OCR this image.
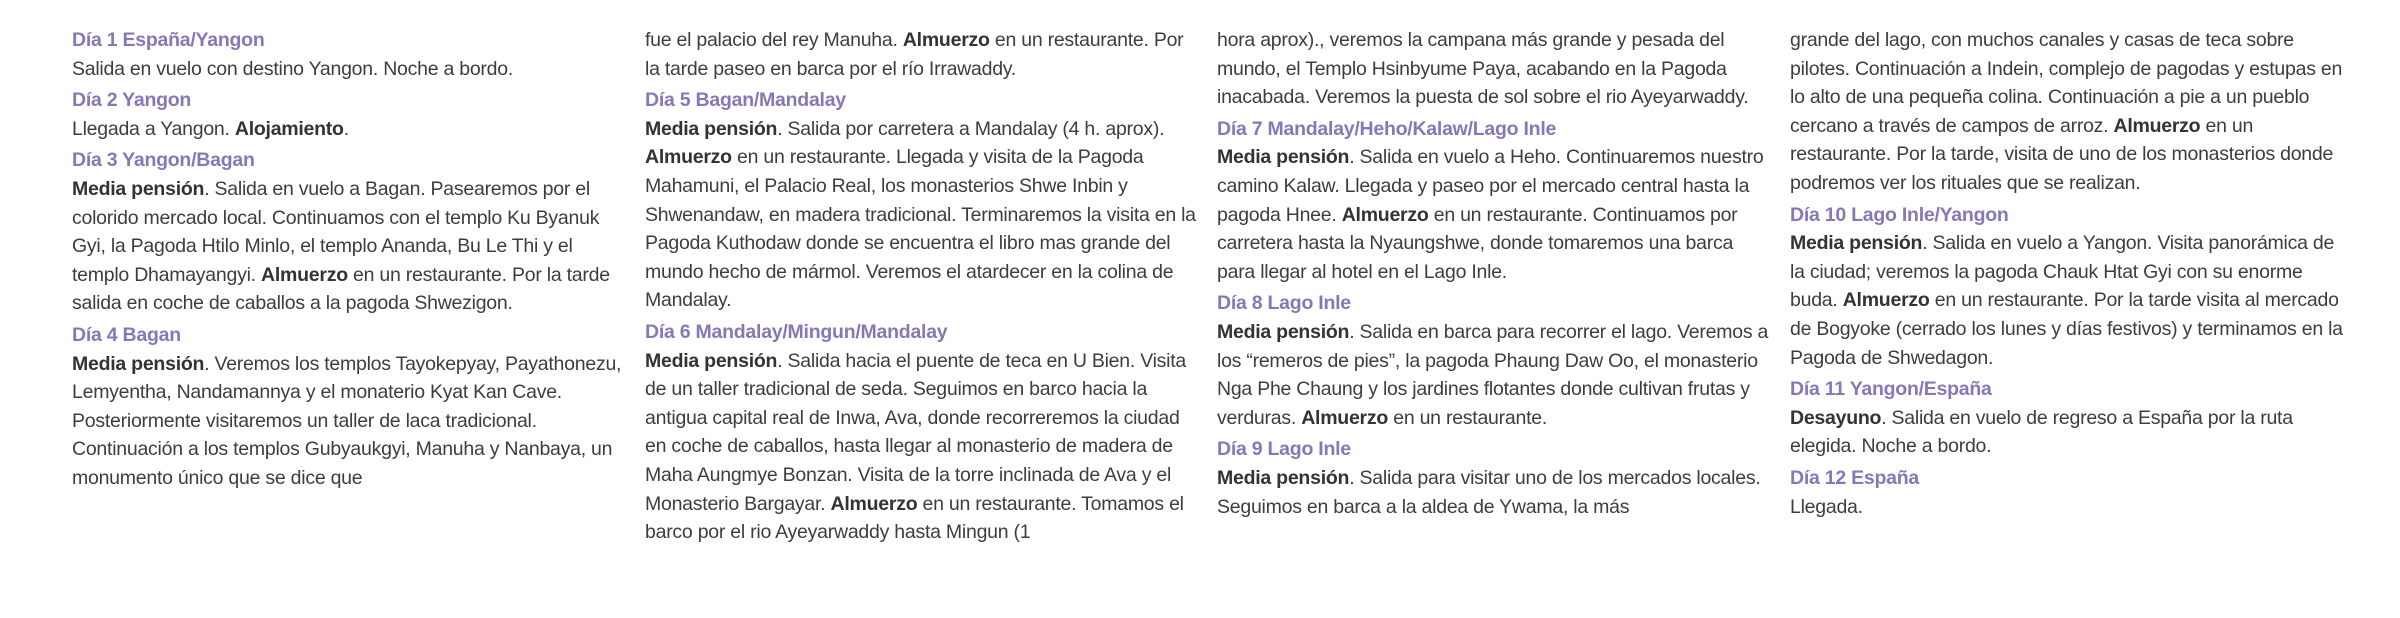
Día 1 España/Yangon
Salida en vuelo con destino Yangon. Noche a bordo.
Día 2 Yangon
Llegada a Yangon. Alojamiento.
Día 3 Yangon/Bagan
Media pensión. Salida en vuelo a Bagan. Pasearemos por el colorido mercado local. Continuamos con el templo Ku Byanuk Gyi, la Pagoda Htilo Minlo, el templo Ananda, Bu Le Thi y el templo Dhamayangyi. Almuerzo en un restaurante. Por la tarde salida en coche de caballos a la pagoda Shwezigon.
Día 4 Bagan
Media pensión. Veremos los templos Tayokepyay, Payathonezu, Lemyentha, Nandamannya y el monaterio Kyat Kan Cave. Posteriormente visitaremos un taller de laca tradicional. Continuación a los templos Gubyaukgyi, Manuha y Nanbaya, un monumento único que se dice que
fue el palacio del rey Manuha. Almuerzo en un restaurante. Por la tarde paseo en barca por el río Irrawaddy.
Día 5 Bagan/Mandalay
Media pensión. Salida por carretera a Mandalay (4 h. aprox). Almuerzo en un restaurante. Llegada y visita de la Pagoda Mahamuni, el Palacio Real, los monasterios Shwe Inbin y Shwenandaw, en madera tradicional. Terminaremos la visita en la Pagoda Kuthodaw donde se encuentra el libro mas grande del mundo hecho de mármol. Veremos el atardecer en la colina de Mandalay.
Día 6 Mandalay/Mingun/Mandalay
Media pensión. Salida hacia el puente de teca en U Bien. Visita de un taller tradicional de seda. Seguimos en barco hacia la antigua capital real de Inwa, Ava, donde recorreremos la ciudad en coche de caballos, hasta llegar al monasterio de madera de Maha Aungmye Bonzan. Visita de la torre inclinada de Ava y el Monasterio Bargayar. Almuerzo en un restaurante. Tomamos el barco por el rio Ayeyarwaddy hasta Mingun (1
hora aprox)., veremos la campana más grande y pesada del mundo, el Templo Hsinbyume Paya, acabando en la Pagoda inacabada. Veremos la puesta de sol sobre el rio Ayeyarwaddy.
Día 7 Mandalay/Heho/Kalaw/Lago Inle
Media pensión. Salida en vuelo a Heho. Continuaremos nuestro camino Kalaw. Llegada y paseo por el mercado central hasta la pagoda Hnee. Almuerzo en un restaurante. Continuamos por carretera hasta la Nyaungshwe, donde tomaremos una barca para llegar al hotel en el Lago Inle.
Día 8 Lago Inle
Media pensión. Salida en barca para recorrer el lago. Veremos a los “remeros de pies”, la pagoda Phaung Daw Oo, el monasterio Nga Phe Chaung y los jardines flotantes donde cultivan frutas y verduras. Almuerzo en un restaurante.
Día 9 Lago Inle
Media pensión. Salida para visitar uno de los mercados locales. Seguimos en barca a la aldea de Ywama, la más
grande del lago, con muchos canales y casas de teca sobre pilotes. Continuación a Indein, complejo de pagodas y estupas en lo alto de una pequeña colina. Continuación a pie a un pueblo cercano a través de campos de arroz. Almuerzo en un restaurante. Por la tarde, visita de uno de los monasterios donde podremos ver los rituales que se realizan.
Día 10 Lago Inle/Yangon
Media pensión. Salida en vuelo a Yangon. Visita panorámica de la ciudad; veremos la pagoda Chauk Htat Gyi con su enorme buda. Almuerzo en un restaurante. Por la tarde visita al mercado de Bogyoke (cerrado los lunes y días festivos) y terminamos en la Pagoda de Shwedagon.
Día 11 Yangon/España
Desayuno. Salida en vuelo de regreso a España por la ruta elegida. Noche a bordo.
Día 12 España
Llegada.
